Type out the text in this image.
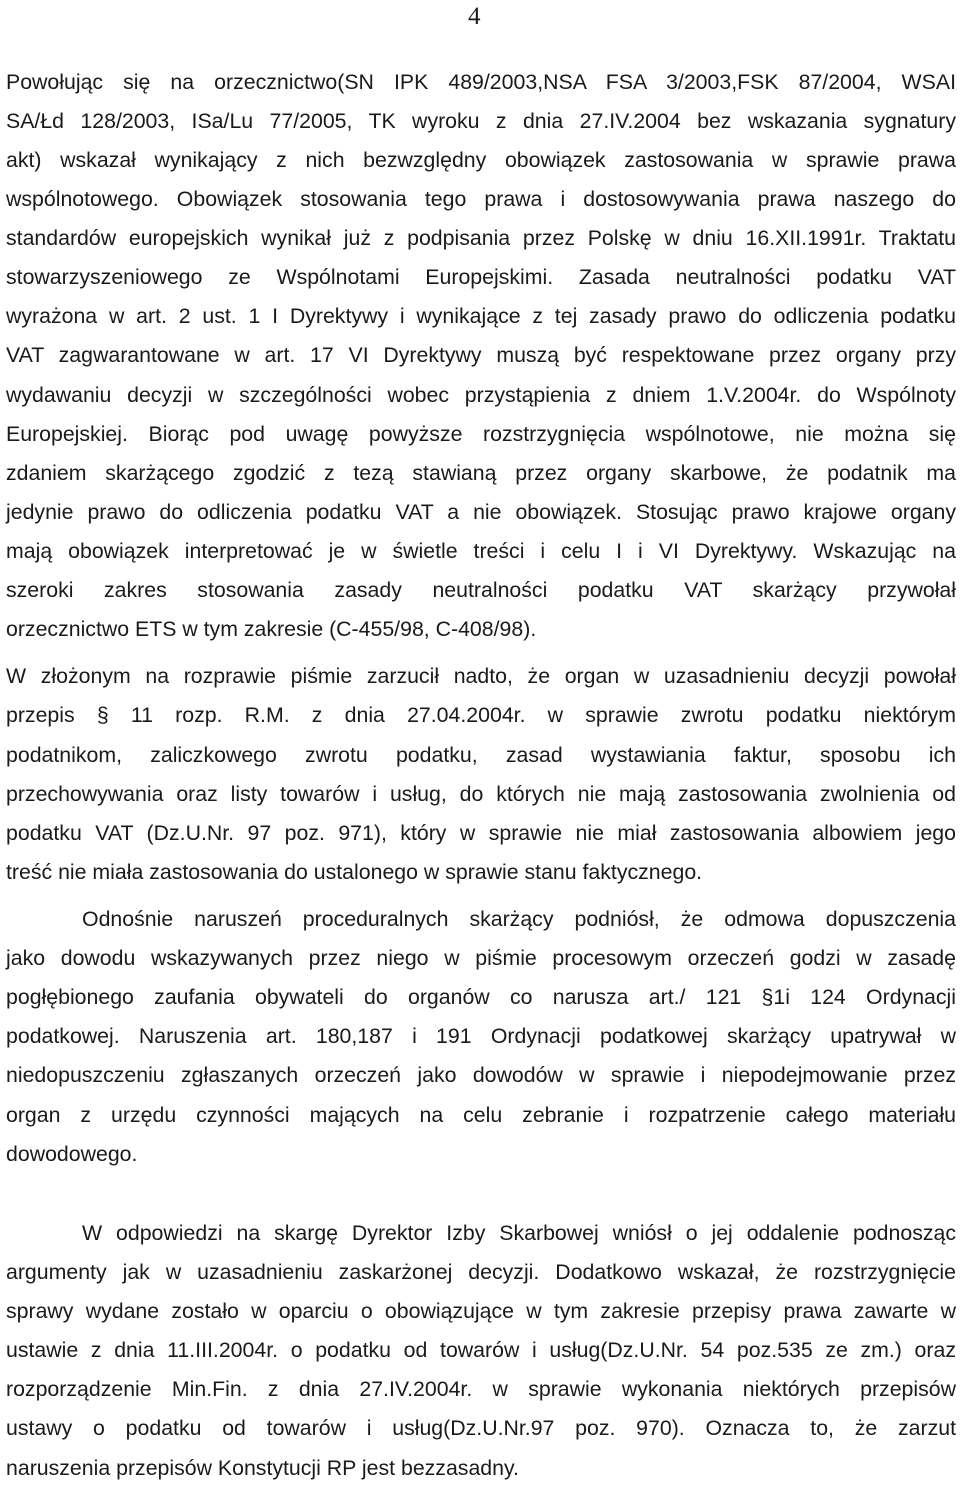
4
Powołując się na orzecznictwo(SN IPK 489/2003,NSA FSA 3/2003,FSK 87/2004, WSAI
SA/Łd 128/2003, ISa/Lu 77/2005, TK wyroku z dnia 27.IV.2004 bez wskazania sygnatury
akt) wskazał wynikający z nich bezwzględny obowiązek zastosowania w sprawie prawa
wspólnotowego. Obowiązek stosowania tego prawa i dostosowywania prawa naszego do
standardów europejskich wynikał już z podpisania przez Polskę w dniu 16.XII.1991r. Traktatu
stowarzyszeniowego ze Wspólnotami Europejskimi. Zasada neutralności podatku VAT
wyrażona w art. 2 ust. 1 I Dyrektywy i wynikające z tej zasady prawo do odliczenia podatku
VAT zagwarantowane w art. 17 VI Dyrektywy muszą być respektowane przez organy przy
wydawaniu decyzji w szczególności wobec przystąpienia z dniem 1.V.2004r. do Wspólnoty
Europejskiej. Biorąc pod uwagę powyższe rozstrzygnięcia wspólnotowe, nie można się
zdaniem skarżącego zgodzić z tezą stawianą przez organy skarbowe, że podatnik ma
jedynie prawo do odliczenia podatku VAT a nie obowiązek. Stosując prawo krajowe organy
mają obowiązek interpretować je w świetle treści i celu I i VI Dyrektywy. Wskazując na
szeroki zakres stosowania zasady neutralności podatku VAT skarżący przywołał
orzecznictwo ETS w tym zakresie (C-455/98, C-408/98).
W złożonym na rozprawie piśmie zarzucił nadto, że organ w uzasadnieniu decyzji powołał
przepis § 11 rozp. R.M. z dnia 27.04.2004r. w sprawie zwrotu podatku niektórym
podatnikom, zaliczkowego zwrotu podatku, zasad wystawiania faktur, sposobu ich
przechowywania oraz listy towarów i usług, do których nie mają zastosowania zwolnienia od
podatku VAT (Dz.U.Nr. 97 poz. 971), który w sprawie nie miał zastosowania albowiem jego
treść nie miała zastosowania do ustalonego w sprawie stanu faktycznego.
Odnośnie naruszeń proceduralnych skarżący podniósł, że odmowa dopuszczenia
jako dowodu wskazywanych przez niego w piśmie procesowym orzeczeń godzi w zasadę
pogłębionego zaufania obywateli do organów co narusza art./ 121 §1i 124 Ordynacji
podatkowej. Naruszenia art. 180,187 i 191 Ordynacji podatkowej skarżący upatrywał w
niedopuszczeniu zgłaszanych orzeczeń jako dowodów w sprawie i niepodejmowanie przez
organ z urzędu czynności mających na celu zebranie i rozpatrzenie całego materiału
dowodowego.
W odpowiedzi na skargę Dyrektor Izby Skarbowej wniósł o jej oddalenie podnosząc
argumenty jak w uzasadnieniu zaskarżonej decyzji. Dodatkowo wskazał, że rozstrzygnięcie
sprawy wydane zostało w oparciu o obowiązujące w tym zakresie przepisy prawa zawarte w
ustawie z dnia 11.III.2004r. o podatku od towarów i usług(Dz.U.Nr. 54 poz.535 ze zm.) oraz
rozporządzenie Min.Fin. z dnia 27.IV.2004r. w sprawie wykonania niektórych przepisów
ustawy o podatku od towarów i usług(Dz.U.Nr.97 poz. 970). Oznacza to, że zarzut
naruszenia przepisów Konstytucji RP jest bezzasadny.
